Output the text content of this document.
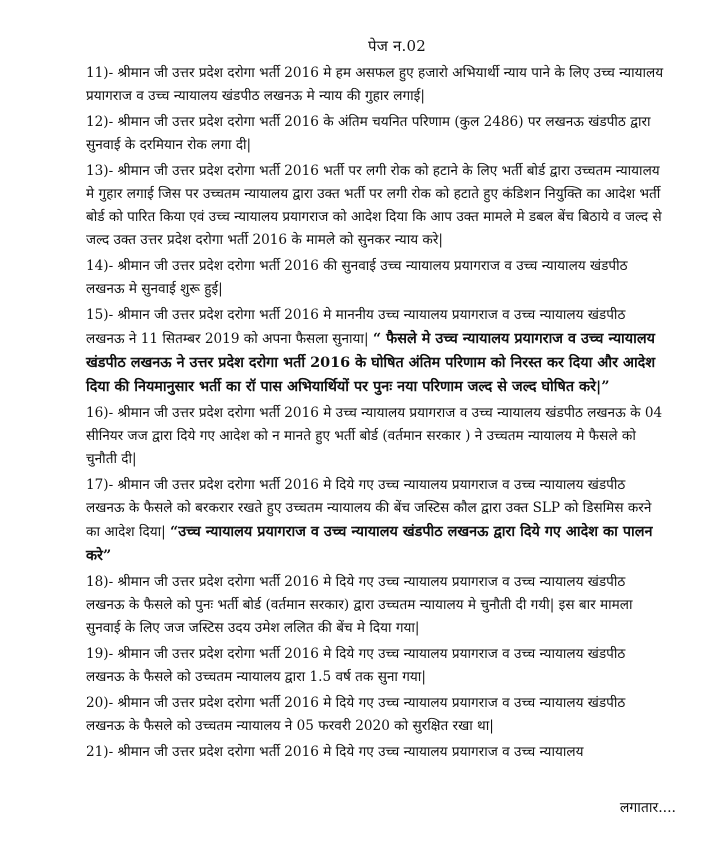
पेज न.02

11)- श्रीमान जी उत्तर प्रदेश दरोगा भर्ती 2016 मे हम असफल हुए हजारो अभियार्थी न्याय पाने के लिए उच्च न्यायालय प्रयागराज व उच्च न्यायालय खंडपीठ लखनऊ मे न्याय की गुहार लगाई|

12)- श्रीमान जी उत्तर प्रदेश दरोगा भर्ती 2016 के अंतिम चयनित परिणाम (कुल 2486) पर लखनऊ खंडपीठ द्वारा सुनवाई के दरमियान रोक लगा दी|

13)- श्रीमान जी उत्तर प्रदेश दरोगा भर्ती 2016 भर्ती पर लगी रोक को हटाने के लिए भर्ती बोर्ड द्वारा उच्चतम न्यायालय मे गुहार लगाई जिस पर उच्चतम न्यायालय द्वारा उक्त भर्ती पर लगी रोक को हटाते हुए कंडिशन नियुक्ति का आदेश भर्ती बोर्ड को पारित किया एवं उच्च न्यायालय प्रयागराज को आदेश दिया कि आप उक्त मामले मे डबल बेंच बिठाये व जल्द से जल्द उक्त उत्तर प्रदेश दरोगा भर्ती 2016 के मामले को सुनकर न्याय करे|

14)- श्रीमान जी उत्तर प्रदेश दरोगा भर्ती 2016 की सुनवाई उच्च न्यायालय प्रयागराज व उच्च न्यायालय खंडपीठ लखनऊ मे सुनवाई शुरू हुई|

15)- श्रीमान जी उत्तर प्रदेश दरोगा भर्ती 2016 मे माननीय उच्च न्यायालय प्रयागराज व उच्च न्यायालय खंडपीठ लखनऊ ने 11 सितम्बर 2019 को अपना फैसला सुनाया| “ फैसले मे उच्च न्यायालय प्रयागराज व उच्च न्यायालय खंडपीठ लखनऊ ने उत्तर प्रदेश दरोगा भर्ती 2016 के घोषित अंतिम परिणाम को निरस्त कर दिया और आदेश दिया की नियमानुसार भर्ती का रॉ पास अभियार्थियों पर पुनः नया परिणाम जल्द से जल्द घोषित करे|”

16)- श्रीमान जी उत्तर प्रदेश दरोगा भर्ती 2016 मे उच्च न्यायालय प्रयागराज व उच्च न्यायालय खंडपीठ लखनऊ के 04 सीनियर जज द्वारा दिये गए आदेश को न मानते हुए भर्ती बोर्ड (वर्तमान सरकार ) ने उच्चतम न्यायालय मे फैसले को चुनौती दी|

17)- श्रीमान जी उत्तर प्रदेश दरोगा भर्ती 2016 मे दिये गए उच्च न्यायालय प्रयागराज व उच्च न्यायालय खंडपीठ लखनऊ के फैसले को बरकरार रखते हुए उच्चतम न्यायालय की बेंच जस्टिस कौल द्वारा उक्त SLP को डिसमिस करने का आदेश दिया| “उच्च न्यायालय प्रयागराज व उच्च न्यायालय खंडपीठ लखनऊ द्वारा दिये गए आदेश का पालन करे”

18)- श्रीमान जी उत्तर प्रदेश दरोगा भर्ती 2016 मे दिये गए उच्च न्यायालय प्रयागराज व उच्च न्यायालय खंडपीठ लखनऊ के फैसले को पुनः भर्ती बोर्ड (वर्तमान सरकार) द्वारा उच्चतम न्यायालय मे चुनौती दी गयी| इस बार मामला सुनवाई के लिए जज जस्टिस उदय उमेश ललित की बेंच मे दिया गया|

19)- श्रीमान जी उत्तर प्रदेश दरोगा भर्ती 2016 मे दिये गए उच्च न्यायालय प्रयागराज व उच्च न्यायालय खंडपीठ लखनऊ के फैसले को उच्चतम न्यायालय द्वारा 1.5 वर्ष तक सुना गया|

20)- श्रीमान जी उत्तर प्रदेश दरोगा भर्ती 2016 मे दिये गए उच्च न्यायालय प्रयागराज व उच्च न्यायालय खंडपीठ लखनऊ के फैसले को उच्चतम न्यायालय ने 05 फरवरी 2020 को सुरक्षित रखा था|

21)- श्रीमान जी उत्तर प्रदेश दरोगा भर्ती 2016 मे दिये गए उच्च न्यायालय प्रयागराज व उच्च न्यायालय

लगातार....
